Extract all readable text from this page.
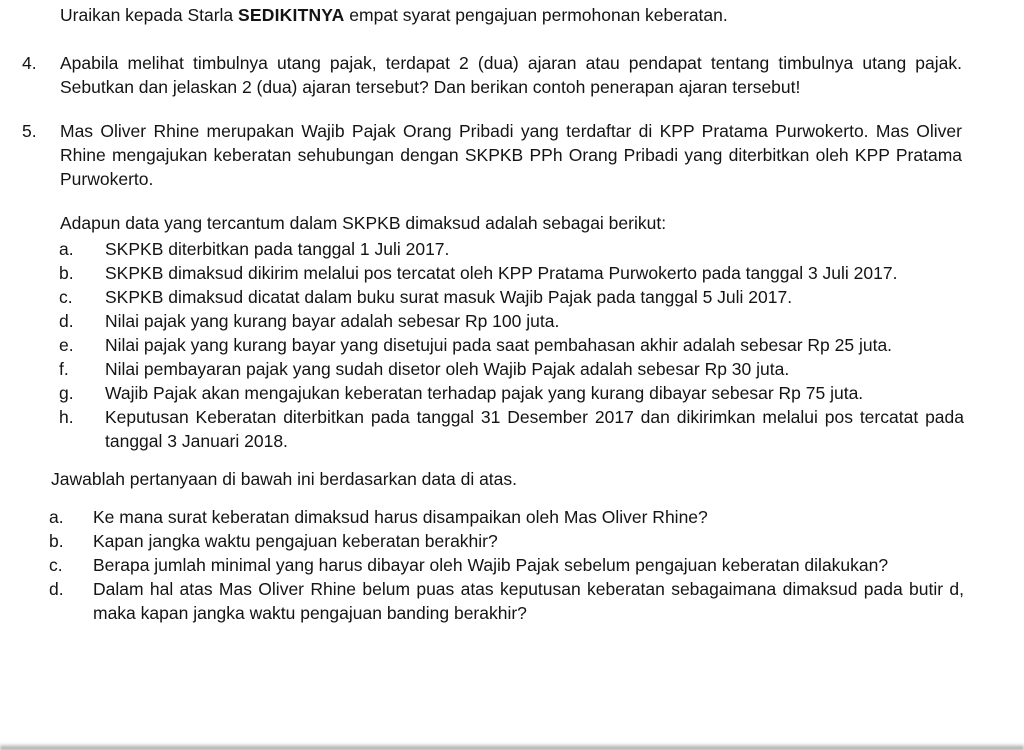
Uraikan kepada Starla SEDIKITNYA empat syarat pengajuan permohonan keberatan.

4.	Apabila melihat timbulnya utang pajak, terdapat 2 (dua) ajaran atau pendapat tentang timbulnya utang pajak. Sebutkan dan jelaskan 2 (dua) ajaran tersebut? Dan berikan contoh penerapan ajaran tersebut!
5.	Mas Oliver Rhine merupakan Wajib Pajak Orang Pribadi yang terdaftar di KPP Pratama Purwokerto. Mas Oliver Rhine mengajukan keberatan sehubungan dengan SKPKB PPh Orang Pribadi yang diterbitkan oleh KPP Pratama Purwokerto.

Adapun data yang tercantum dalam SKPKB dimaksud adalah sebagai berikut:

a.	SKPKB diterbitkan pada tanggal 1 Juli 2017.
b.	SKPKB dimaksud dikirim melalui pos tercatat oleh KPP Pratama Purwokerto pada tanggal 3 Juli 2017.
c.	SKPKB dimaksud dicatat dalam buku surat masuk Wajib Pajak pada tanggal 5 Juli 2017.
d.	Nilai pajak yang kurang bayar adalah sebesar Rp 100 juta.
e.	Nilai pajak yang kurang bayar yang disetujui pada saat pembahasan akhir adalah sebesar Rp 25 juta.
f.	Nilai pembayaran pajak yang sudah disetor oleh Wajib Pajak adalah sebesar Rp 30 juta.
g.	Wajib Pajak akan mengajukan keberatan terhadap pajak yang kurang dibayar sebesar Rp 75 juta.
h.	Keputusan Keberatan diterbitkan pada tanggal 31 Desember 2017 dan dikirimkan melalui pos tercatat pada tanggal 3 Januari 2018.

Jawablah pertanyaan di bawah ini berdasarkan data di atas.

a.	Ke mana surat keberatan dimaksud harus disampaikan oleh Mas Oliver Rhine?
b.	Kapan jangka waktu pengajuan keberatan berakhir?
c.	Berapa jumlah minimal yang harus dibayar oleh Wajib Pajak sebelum pengajuan keberatan dilakukan?
d.	Dalam hal atas Mas Oliver Rhine belum puas atas keputusan keberatan sebagaimana dimaksud pada butir d, maka kapan jangka waktu pengajuan banding berakhir?
